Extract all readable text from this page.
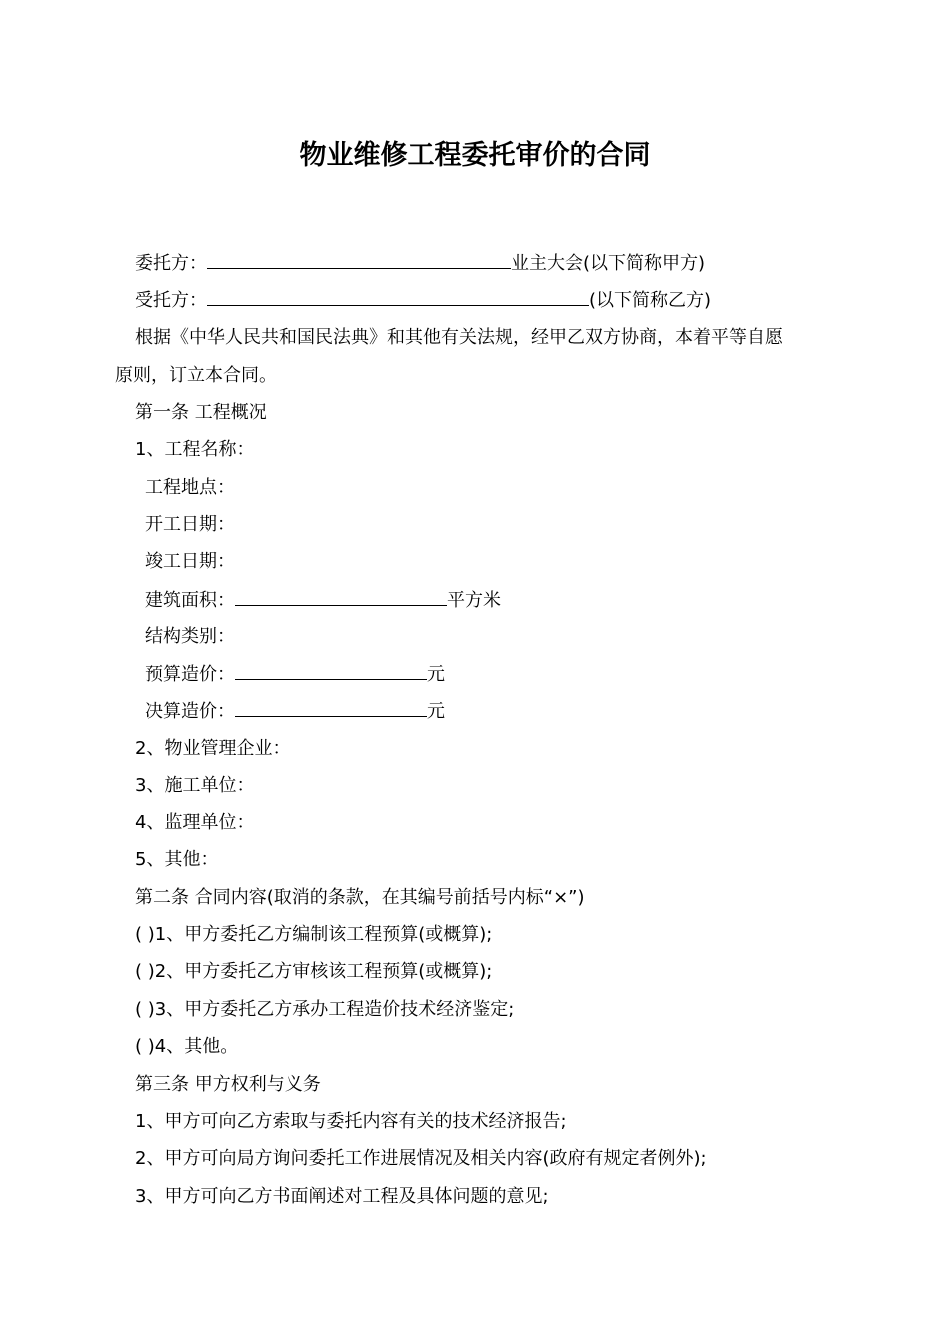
物业维修工程委托审价的合同
委托方：	业主大会(以下简称甲方)
受托方：	(以下简称乙方)
根据《中华人民共和国民法典》和其他有关法规，经甲乙双方协商，本着平等自愿
原则，订立本合同。
第一条 工程概况
1、工程名称：
工程地点：
开工日期：
竣工日期：
建筑面积：	平方米
结构类别：
预算造价：	元
决算造价：	元
2、物业管理企业：
3、施工单位：
4、监理单位：
5、其他：
第二条 合同内容(取消的条款，在其编号前括号内标“×”)
( )1、甲方委托乙方编制该工程预算(或概算);
( )2、甲方委托乙方审核该工程预算(或概算);
( )3、甲方委托乙方承办工程造价技术经济鉴定;
( )4、其他。
第三条 甲方权利与义务
1、甲方可向乙方索取与委托内容有关的技术经济报告;
2、甲方可向局方询问委托工作进展情况及相关内容(政府有规定者例外);
3、甲方可向乙方书面阐述对工程及具体问题的意见;
